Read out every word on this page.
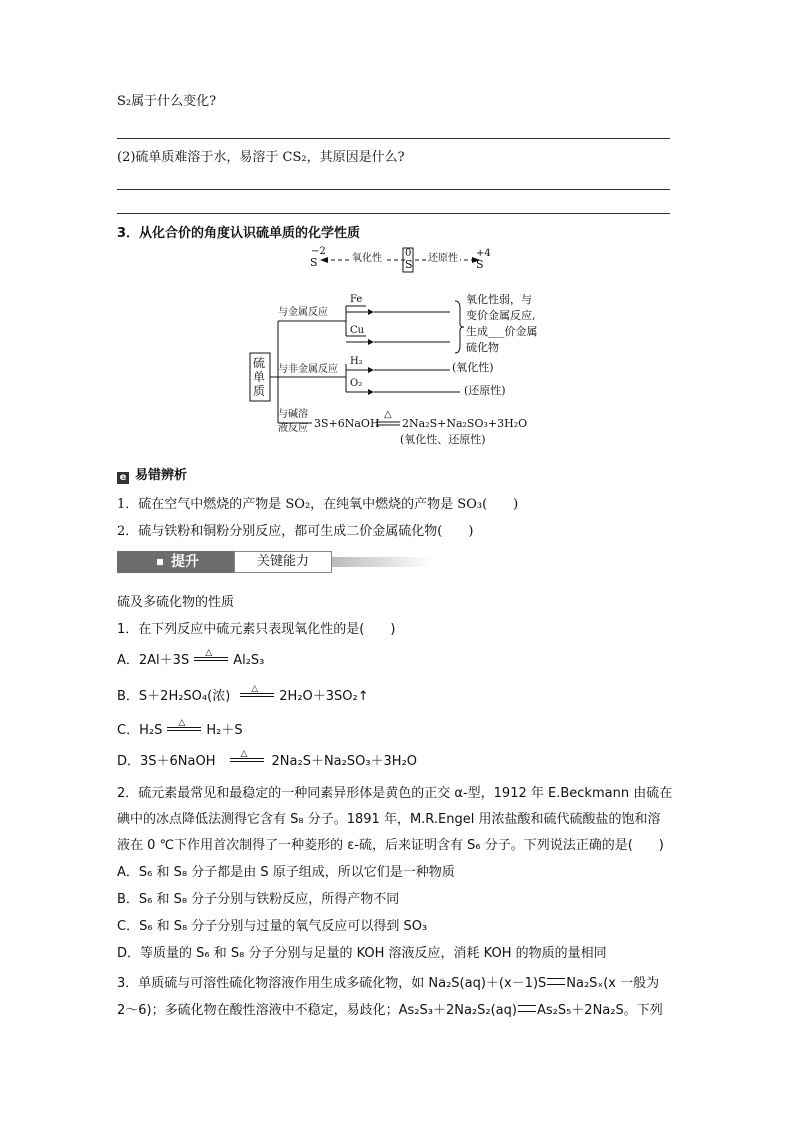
S₂属于什么变化?
(2)硫单质难溶于水，易溶于 CS₂，其原因是什么?
3．从化合价的角度认识硫单质的化学性质
S
−2
氧化性 S
0 还原性 S
+4
硫单质
与金属反应
Fe
Cu
氧化性弱，与
变价金属反应,
生成___价金属
硫化物
与非金属反应
H₂
O₂
(氧化性)
(还原性)
与碱溶
液反应 3S+6NaOH
△
2Na₂S+Na₂SO₃+3H₂O
(氧化性、还原性)
e 易错辨析
1．硫在空气中燃烧的产物是 SO₂，在纯氧中燃烧的产物是 SO₃(　　)
2．硫与铁粉和铜粉分别反应，都可生成二价金属硫化物(　　)
提升	关键能力
硫及多硫化物的性质
1．在下列反应中硫元素只表现氧化性的是(　　)
A．2Al＋3S △ Al₂S₃
B．S＋2H₂SO₄(浓) △ 2H₂O＋3SO₂↑
C．H₂S △ H₂＋S
D．3S＋6NaOH	△ 2Na₂S＋Na₂SO₃＋3H₂O
2．硫元素最常见和最稳定的一种同素异形体是黄色的正交 α-型，1912 年 E.Beckmann 由硫在
碘中的冰点降低法测得它含有 S₈ 分子。1891 年，M.R.Engel 用浓盐酸和硫代硫酸盐的饱和溶
液在 0 ℃下作用首次制得了一种菱形的 ε-硫，后来证明含有 S₆ 分子。下列说法正确的是(　　)
A．S₆ 和 S₈ 分子都是由 S 原子组成，所以它们是一种物质
B．S₆ 和 S₈ 分子分别与铁粉反应，所得产物不同
C．S₆ 和 S₈ 分子分别与过量的氧气反应可以得到 SO₃
D．等质量的 S₆ 和 S₈ 分子分别与足量的 KOH 溶液反应，消耗 KOH 的物质的量相同
3．单质硫与可溶性硫化物溶液作用生成多硫化物，如 Na₂S(aq)＋(x－1)S Na₂Sₓ(x 一般为
2～6)；多硫化物在酸性溶液中不稳定，易歧化；As₂S₃＋2Na₂S₂(aq) As₂S₅＋2Na₂S。下列
